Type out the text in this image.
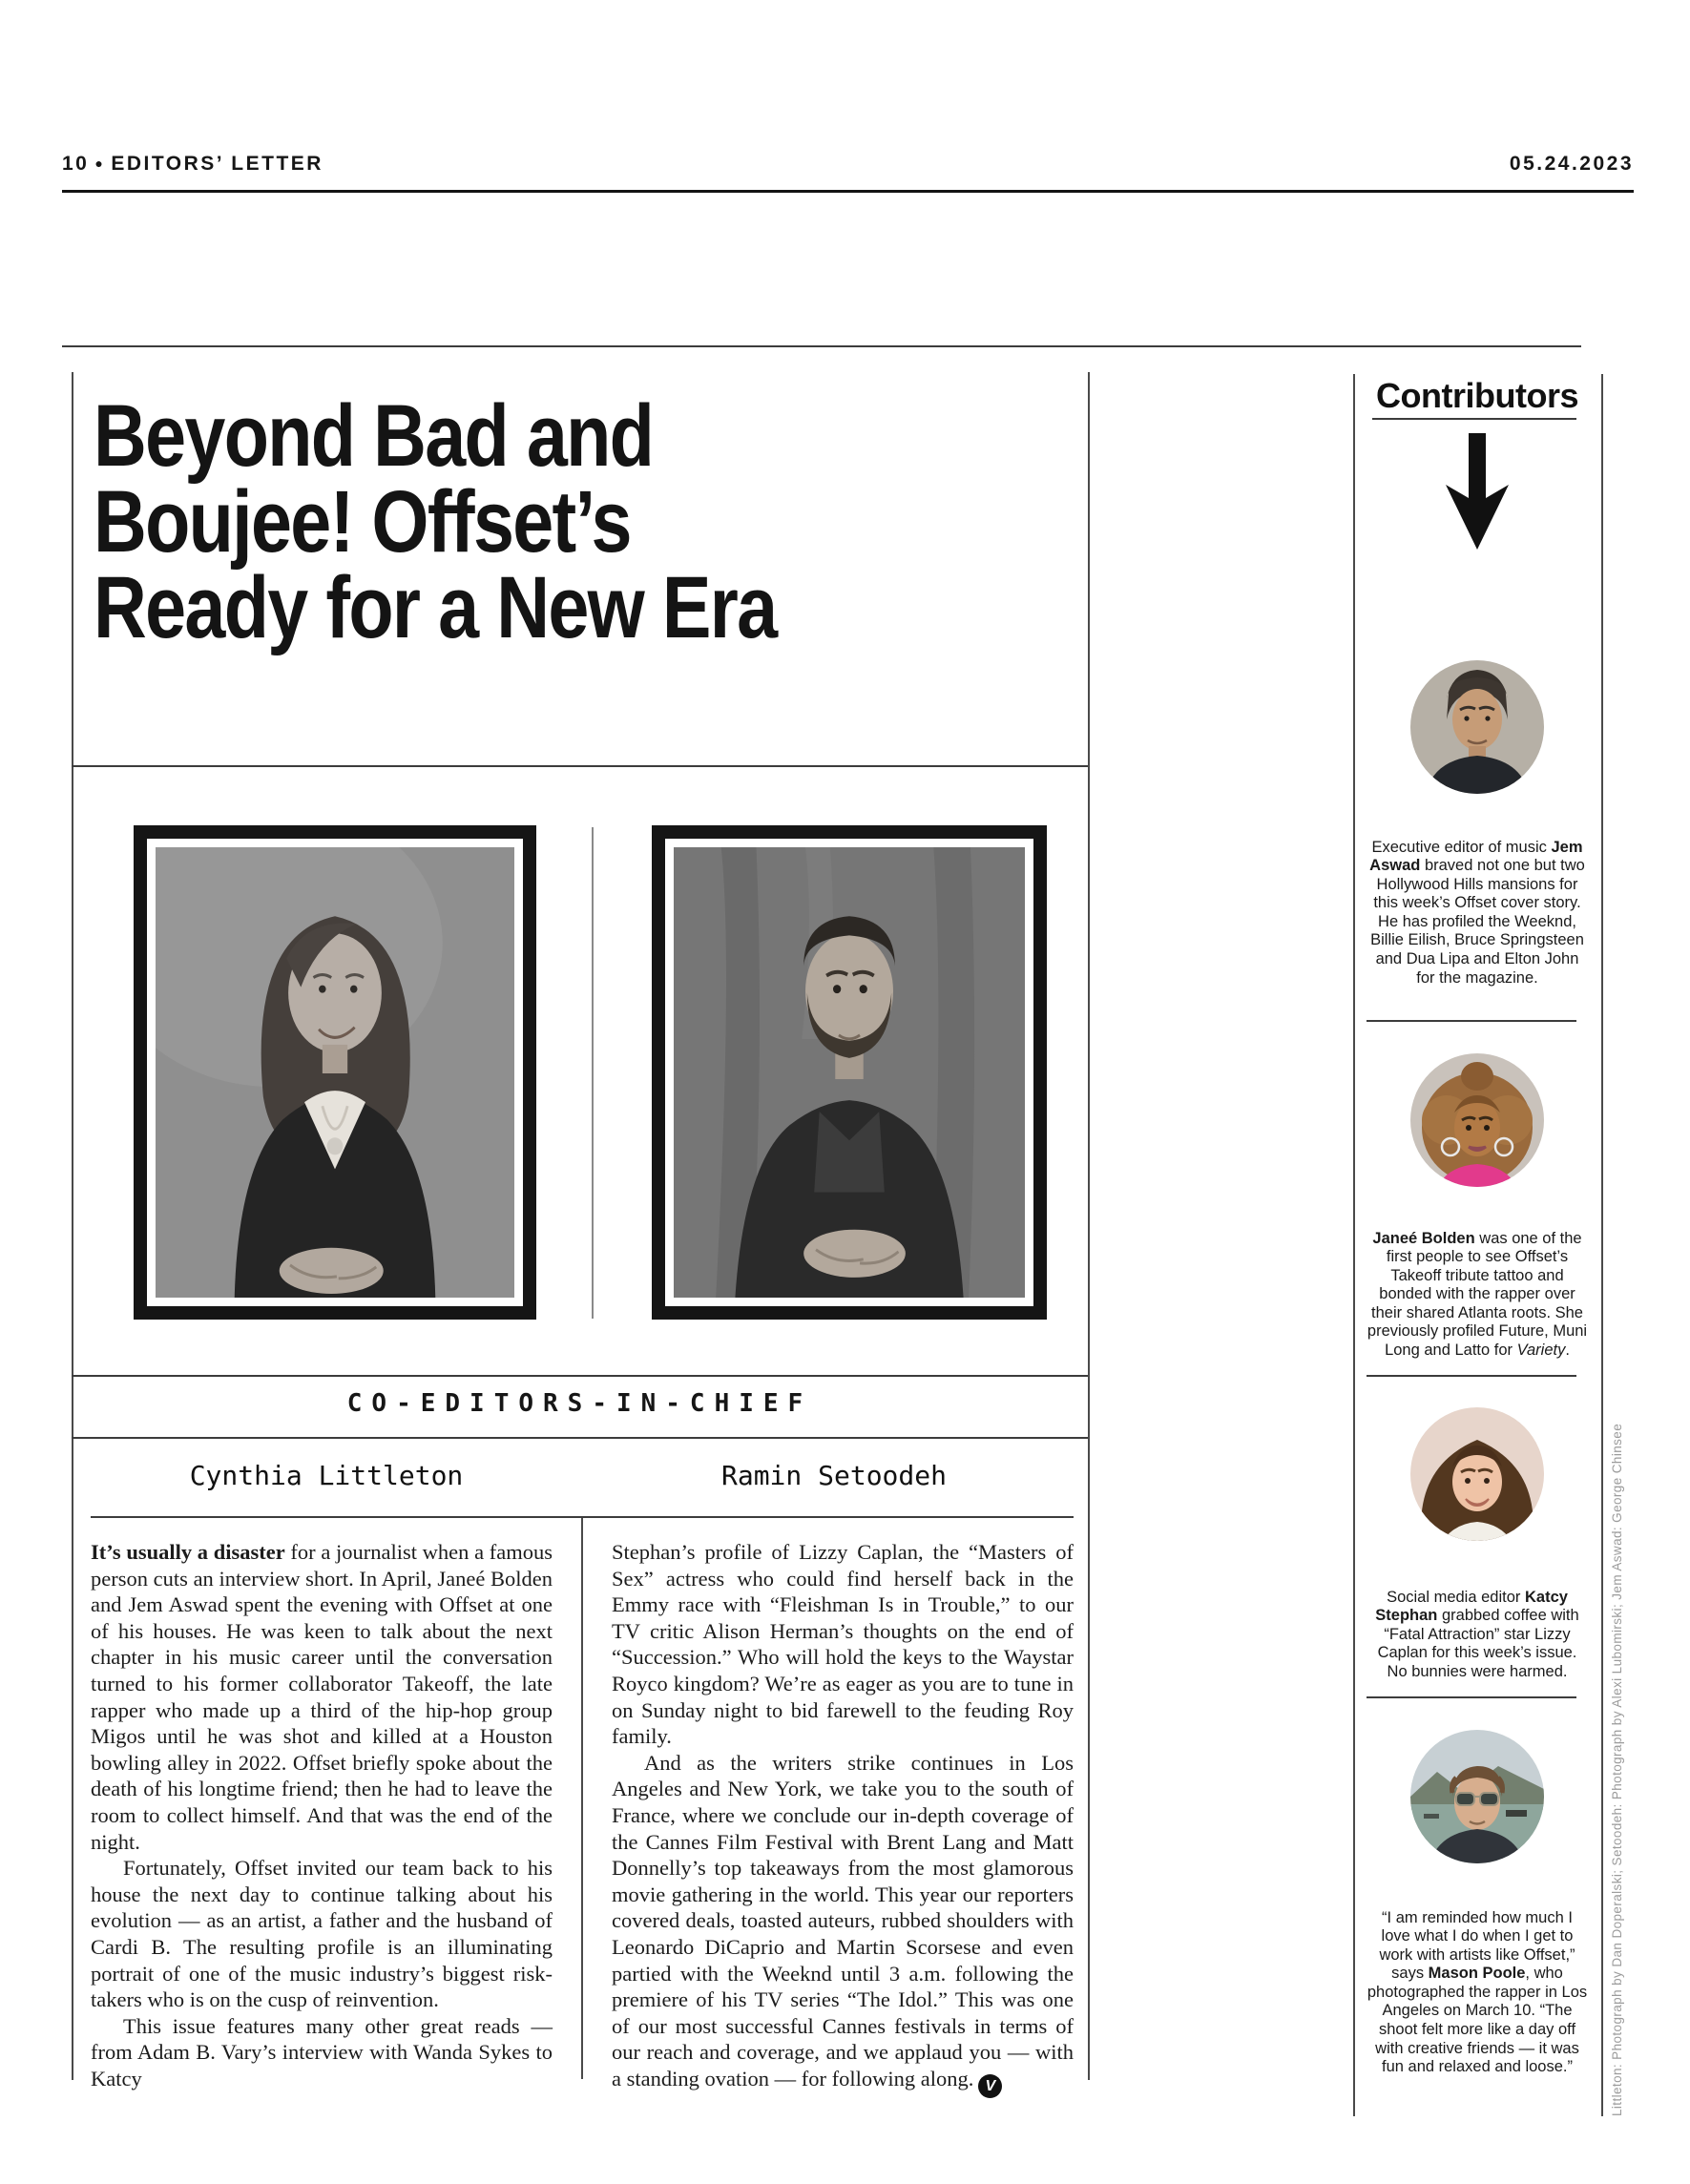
10 ● EDITORS’ LETTER	05.24.2023
Beyond Bad and
Boujee! Offset’s
Ready for a New Era
CO-EDITORS-IN-CHIEF
Cynthia Littleton	Ramin Setoodeh

It’s usually a disaster for a journalist when a famous person cuts an interview short. In April, Janeé Bolden and Jem Aswad spent the evening with Offset at one of his houses. He was keen to talk about the next chapter in his music career until the conversation turned to his former collaborator Takeoff, the late rapper who made up a third of the hip-hop group Migos until he was shot and killed at a Houston bowling alley in 2022. Offset briefly spoke about the death of his longtime friend; then he had to leave the room to collect himself. And that was the end of the night.

Fortunately, Offset invited our team back to his house the next day to continue talking about his evolution — as an artist, a father and the husband of Cardi B. The resulting profile is an illuminating portrait of one of the music industry’s biggest risk-takers who is on the cusp of reinvention.

This issue features many other great reads — from Adam B. Vary’s interview with Wanda Sykes to Katcy

Stephan’s profile of Lizzy Caplan, the “Masters of Sex” actress who could find herself back in the Emmy race with “Fleishman Is in Trouble,” to our TV critic Alison Herman’s thoughts on the end of “Succession.” Who will hold the keys to the Waystar Royco kingdom? We’re as eager as you are to tune in on Sunday night to bid farewell to the feuding Roy family.

And as the writers strike continues in Los Angeles and New York, we take you to the south of France, where we conclude our in-depth coverage of the Cannes Film Festival with Brent Lang and Matt Donnelly’s top takeaways from the most glamorous movie gathering in the world. This year our reporters covered deals, toasted auteurs, rubbed shoulders with Leonardo DiCaprio and Martin Scorsese and even partied with the Weeknd until 3 a.m. following the premiere of his TV series “The Idol.” This was one of our most successful Cannes festivals in terms of our reach and coverage, and we applaud you — with a standing ovation — for following along. V

Contributors

Executive editor of music Jem Aswad braved not one but two Hollywood Hills mansions for this week’s Offset cover story. He has profiled the Weeknd, Billie Eilish, Bruce Springsteen and Dua Lipa and Elton John for the magazine.

Janeé Bolden was one of the first people to see Offset’s Takeoff tribute tattoo and bonded with the rapper over their shared Atlanta roots. She previously profiled Future, Muni Long and Latto for Variety.

Social media editor Katcy Stephan grabbed coffee with “Fatal Attraction” star Lizzy Caplan for this week’s issue. No bunnies were harmed.

“I am reminded how much I love what I do when I get to work with artists like Offset,” says Mason Poole, who photographed the rapper in Los Angeles on March 10. “The shoot felt more like a day off with creative friends — it was fun and relaxed and loose.”	Littleton: Photograph by Dan Doperalski; Setoodeh: Photograph by Alexi Lubomirski; Jem Aswad: George Chinsee
